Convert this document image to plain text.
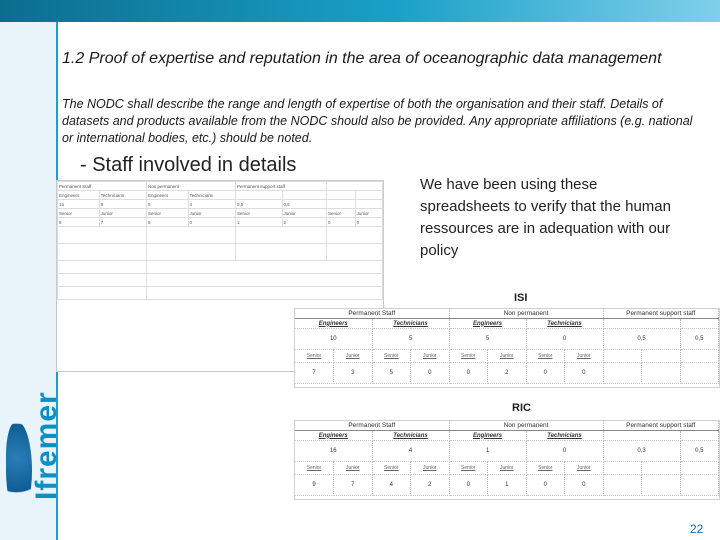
Ifremer
1.2 Proof of expertise and reputation in the area of oceanographic data management
The NODC shall describe the range and length of expertise of both the organisation and their staff. Details of datasets and products available from the NODC should also be provided. Any appropriate affiliations (e.g. national or international bodies, etc.) should be noted.
- Staff involved in details
We have been using these spreadsheets to verify that the human ressources are in adequation with our policy
Permanent Staff		Non permanent		Permanent support staff			
Engineers	Technicians	Engineers	Technicians				
15	9	5	4	0,5	0,5		
Senior	Junior	Senior	Junior	Senior	Junior	Senior	Junior
9	7	5	0	1	2	0	0

ISI
Permanent Staff				Non permanent				Permanent support staff		
Engineers		Technicians		Engineers		Technicians				
10		5		5		0		0,5		0,5
Senior	Junior	Senior	Junior	Senior	Junior	Senior	Junior			
7	3	5	0	0	2	0	0			
RIC
Permanent Staff				Non permanent				Permanent support staff		
Engineers		Technicians		Engineers		Technicians				
16		4		1		0		0,3		0,5
Senior	Junior	Senior	Junior	Senior	Junior	Senior	Junior			
9	7	4	2	0	1	0	0			
22
